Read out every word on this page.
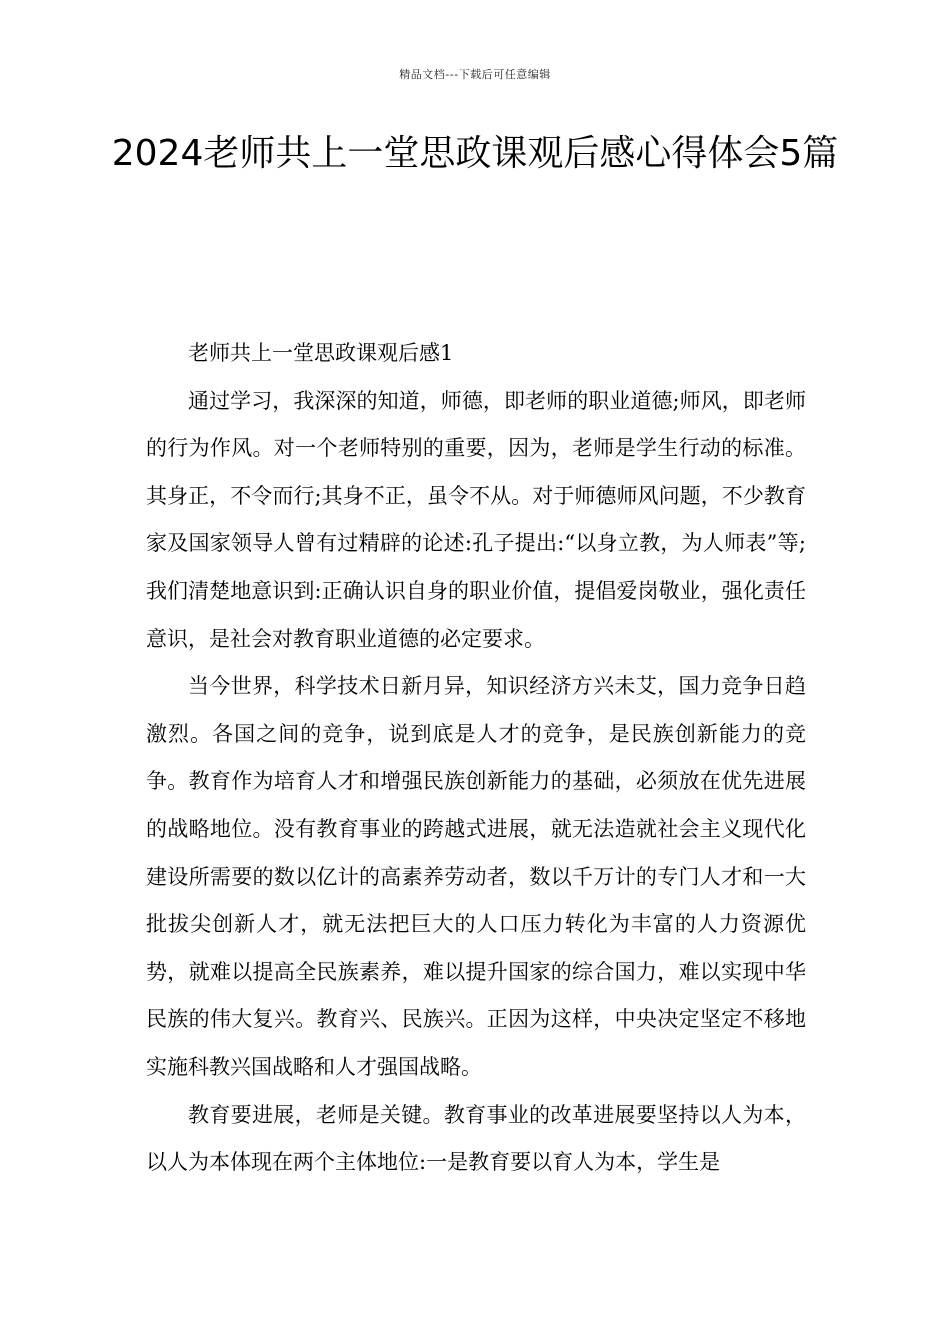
精品文档---下载后可任意编辑
2024老师共上一堂思政课观后感心得体会5篇

老师共上一堂思政课观后感1

通过学习，我深深的知道，师德，即老师的职业道德;师风，即老师的行为作风。对一个老师特别的重要，因为，老师是学生行动的标准。其身正，不令而行;其身不正，虽令不从。对于师德师风问题，不少教育家及国家领导人曾有过精辟的论述:孔子提出:“以身立教，为人师表”等;我们清楚地意识到:正确认识自身的职业价值，提倡爱岗敬业，强化责任意识，是社会对教育职业道德的必定要求。

当今世界，科学技术日新月异，知识经济方兴未艾，国力竞争日趋激烈。各国之间的竞争，说到底是人才的竞争，是民族创新能力的竞争。教育作为培育人才和增强民族创新能力的基础，必须放在优先进展的战略地位。没有教育事业的跨越式进展，就无法造就社会主义现代化建设所需要的数以亿计的高素养劳动者，数以千万计的专门人才和一大批拔尖创新人才，就无法把巨大的人口压力转化为丰富的人力资源优势，就难以提高全民族素养，难以提升国家的综合国力，难以实现中华民族的伟大复兴。教育兴、民族兴。正因为这样，中央决定坚定不移地实施科教兴国战略和人才强国战略。

教育要进展，老师是关键。教育事业的改革进展要坚持以人为本，以人为本体现在两个主体地位:一是教育要以育人为本，学生是
